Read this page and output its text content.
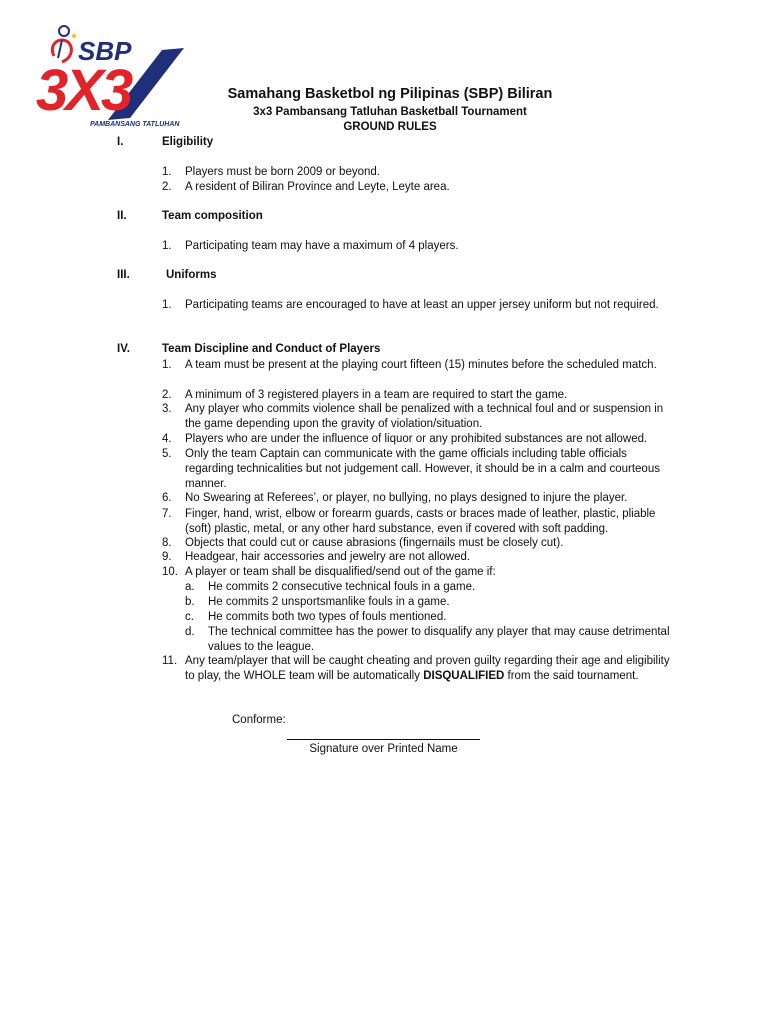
SBP
3X3
PAMBANSANG TATLUHAN
Samahang Basketbol ng Pilipinas (SBP) Biliran
3x3 Pambansang Tatluhan Basketball Tournament
GROUND RULES
I.	Eligibility
1. Players must be born 2009 or beyond.
2. A resident of Biliran Province and Leyte, Leyte area.
II.	Team composition
1. Participating team may have a maximum of 4 players.
III.	Uniforms
1. Participating teams are encouraged to have at least an upper jersey uniform but not required.
IV.	Team Discipline and Conduct of Players
1. A team must be present at the playing court fifteen (15) minutes before the scheduled match.
2. A minimum of 3 registered players in a team are required to start the game.
3. Any player who commits violence shall be penalized with a technical foul and or suspension in the game depending upon the gravity of violation/situation.
4. Players who are under the influence of liquor or any prohibited substances are not allowed.
5. Only the team Captain can communicate with the game officials including table officials regarding technicalities but not judgement call. However, it should be in a calm and courteous manner.
6. No Swearing at Referees’, or player, no bullying, no plays designed to injure the player.
7. Finger, hand, wrist, elbow or forearm guards, casts or braces made of leather, plastic, pliable (soft) plastic, metal, or any other hard substance, even if covered with soft padding.
8. Objects that could cut or cause abrasions (fingernails must be closely cut).
9. Headgear, hair accessories and jewelry are not allowed.
10. A player or team shall be disqualified/send out of the game if:
a. He commits 2 consecutive technical fouls in a game.
b. He commits 2 unsportsmanlike fouls in a game.
c. He commits both two types of fouls mentioned.
d. The technical committee has the power to disqualify any player that may cause detrimental values to the league.
11. Any team/player that will be caught cheating and proven guilty regarding their age and eligibility to play, the WHOLE team will be automatically DISQUALIFIED from the said tournament.
Conforme:
Signature over Printed Name
